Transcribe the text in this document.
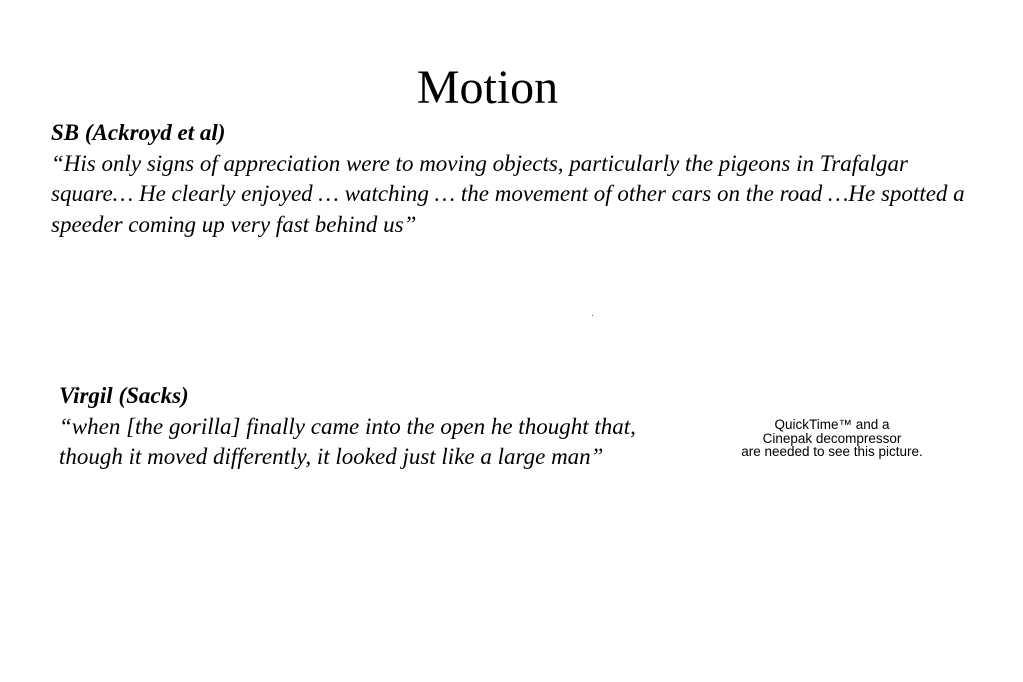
Motion
SB (Ackroyd et al)
“His only signs of appreciation were to moving objects, particularly the pigeons in Trafalgar square… He clearly enjoyed … watching … the movement of other cars on the road …He spotted a speeder coming up very fast behind us”
Virgil (Sacks)
“when [the gorilla] finally came into the open he thought that, though it moved differently, it looked just like a large man”
QuickTime™ and a
Cinepak decompressor
are needed to see this picture.
